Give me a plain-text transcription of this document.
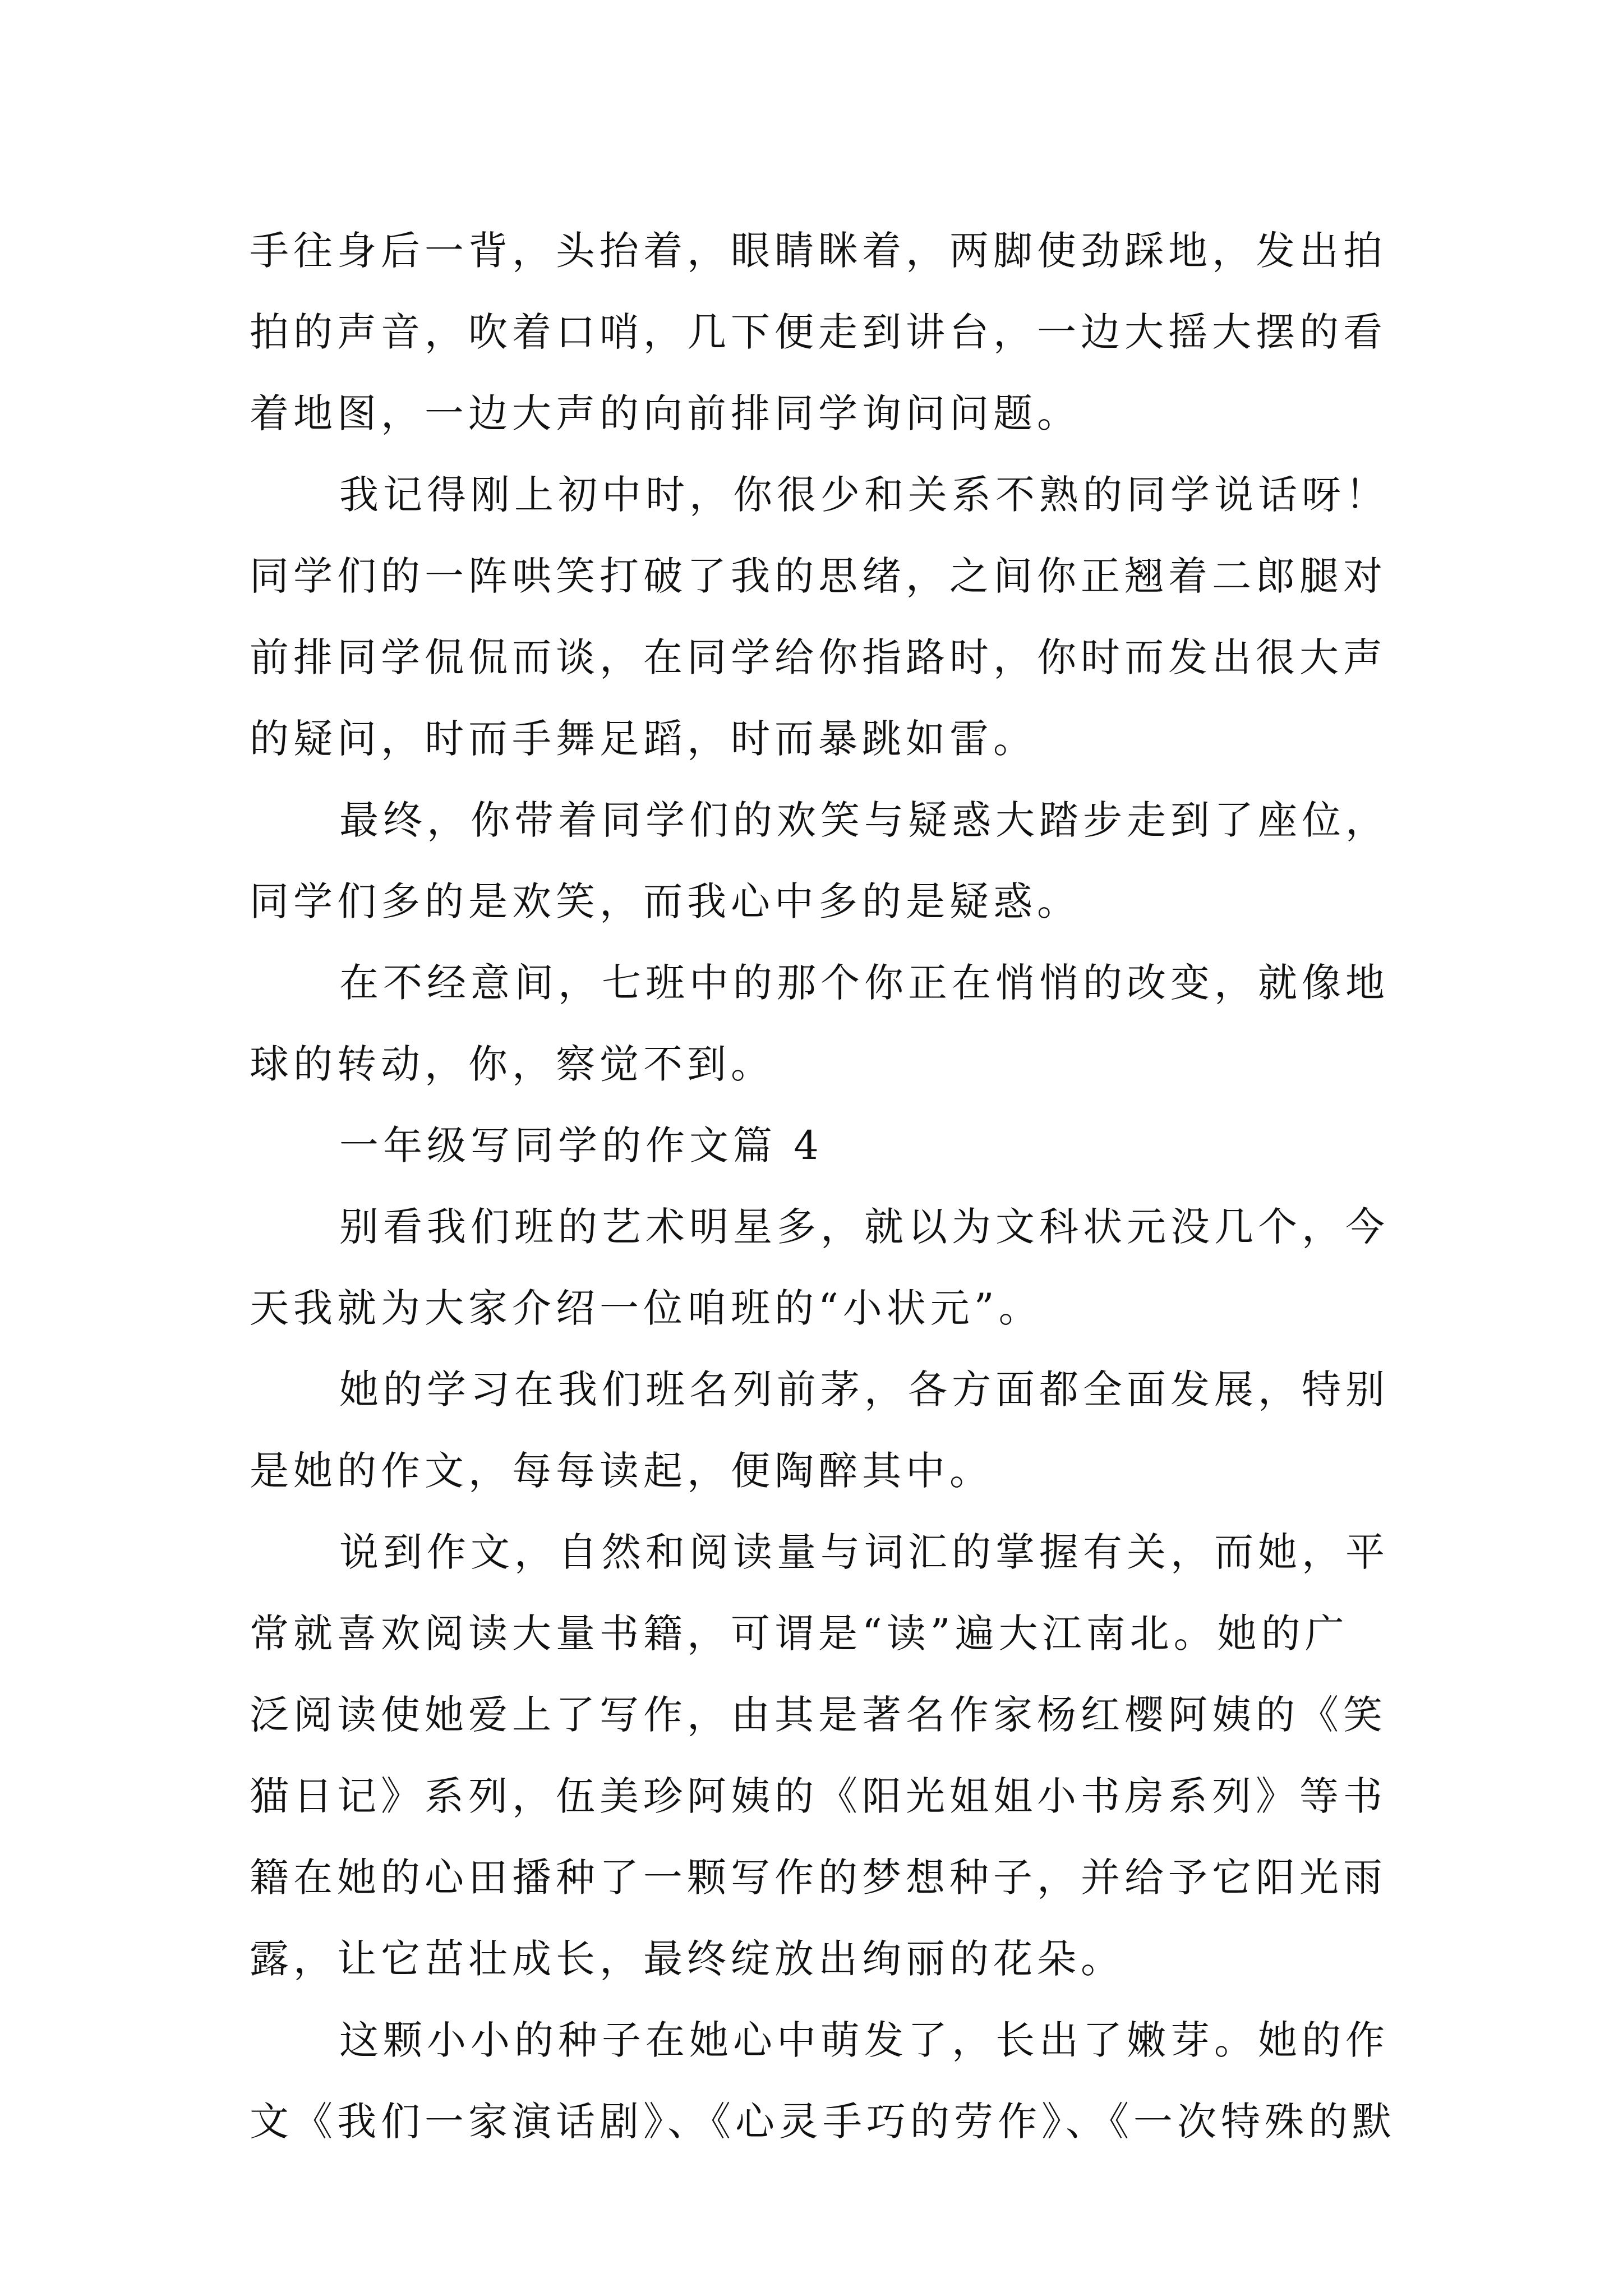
手往身后一背，头抬着，眼睛眯着，两脚使劲踩地，发出拍
拍的声音，吹着口哨，几下便走到讲台，一边大摇大摆的看
着地图，一边大声的向前排同学询问问题。
我记得刚上初中时，你很少和关系不熟的同学说话呀！
同学们的一阵哄笑打破了我的思绪，之间你正翘着二郎腿对
前排同学侃侃而谈，在同学给你指路时，你时而发出很大声
的疑问，时而手舞足蹈，时而暴跳如雷。
最终，你带着同学们的欢笑与疑惑大踏步走到了座位，
同学们多的是欢笑，而我心中多的是疑惑。
在不经意间，七班中的那个你正在悄悄的改变，就像地
球的转动，你，察觉不到。
一年级写同学的作文篇 4
别看我们班的艺术明星多，就以为文科状元没几个，今
天我就为大家介绍一位咱班的“小状元”。
她的学习在我们班名列前茅，各方面都全面发展，特别
是她的作文，每每读起，便陶醉其中。
说到作文，自然和阅读量与词汇的掌握有关，而她，平
常就喜欢阅读大量书籍，可谓是“读”遍大江南北。她的广
泛阅读使她爱上了写作，由其是著名作家杨红樱阿姨的《笑
猫日记》系列，伍美珍阿姨的《阳光姐姐小书房系列》等书
籍在她的心田播种了一颗写作的梦想种子，并给予它阳光雨
露，让它茁壮成长，最终绽放出绚丽的花朵。
这颗小小的种子在她心中萌发了，长出了嫩芽。她的作
文《我们一家演话剧》、《心灵手巧的劳作》、《一次特殊的默
